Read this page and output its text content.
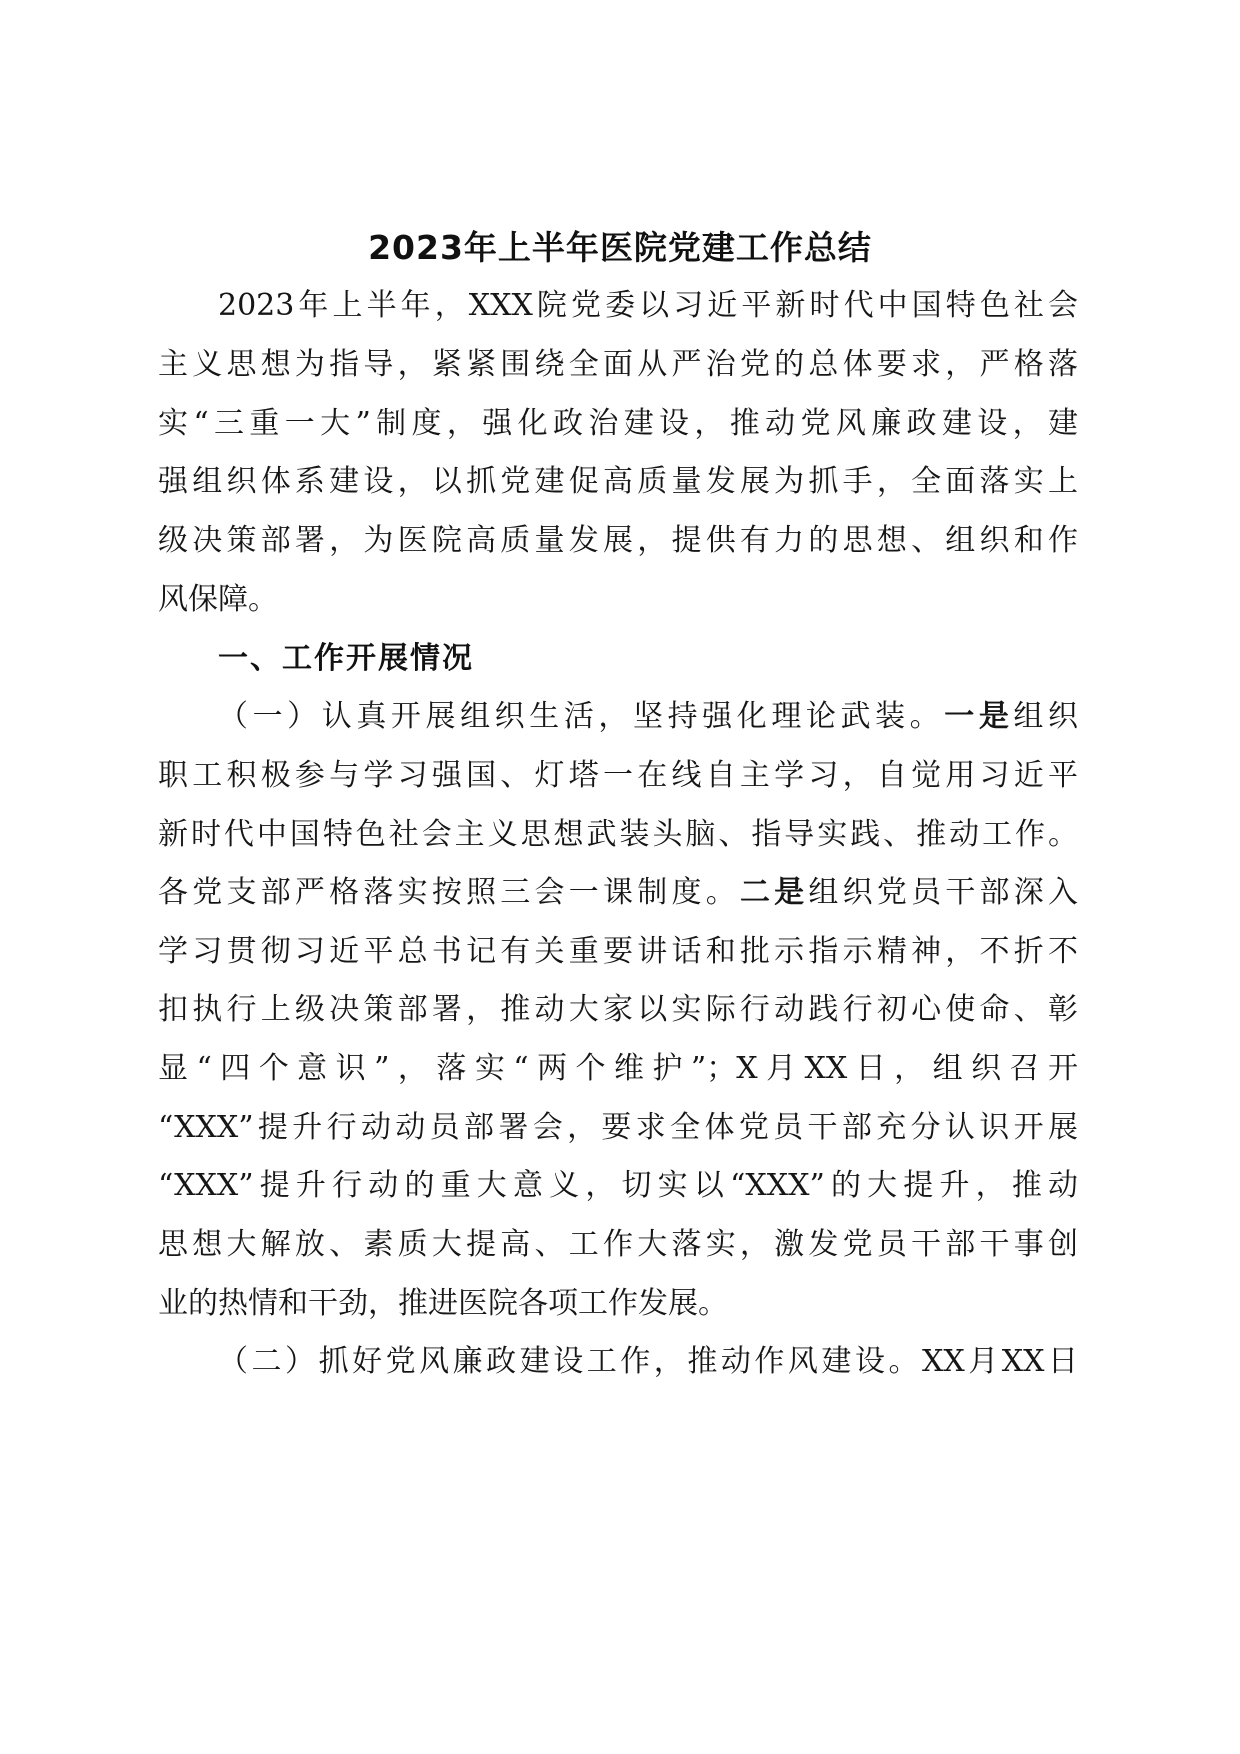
2023年上半年医院党建工作总结
2023年上半年，XXX院党委以习近平新时代中国特色社会
主义思想为指导，紧紧围绕全面从严治党的总体要求，严格落
实“三重一大”制度，强化政治建设，推动党风廉政建设，建
强组织体系建设，以抓党建促高质量发展为抓手，全面落实上
级决策部署，为医院高质量发展，提供有力的思想、组织和作
风保障。
一、工作开展情况
（一）认真开展组织生活，坚持强化理论武装。一是组织
职工积极参与学习强国、灯塔一在线自主学习，自觉用习近平
新时代中国特色社会主义思想武装头脑、指导实践、推动工作。
各党支部严格落实按照三会一课制度。二是组织党员干部深入
学习贯彻习近平总书记有关重要讲话和批示指示精神，不折不
扣执行上级决策部署，推动大家以实际行动践行初心使命、彰
显“四个意识”，落实“两个维护”；X月XX日，组织召开
“XXX”提升行动动员部署会，要求全体党员干部充分认识开展
“XXX”提升行动的重大意义，切实以“XXX”的大提升，推动
思想大解放、素质大提高、工作大落实，激发党员干部干事创
业的热情和干劲，推进医院各项工作发展。
（二）抓好党风廉政建设工作，推动作风建设。XX月XX日
